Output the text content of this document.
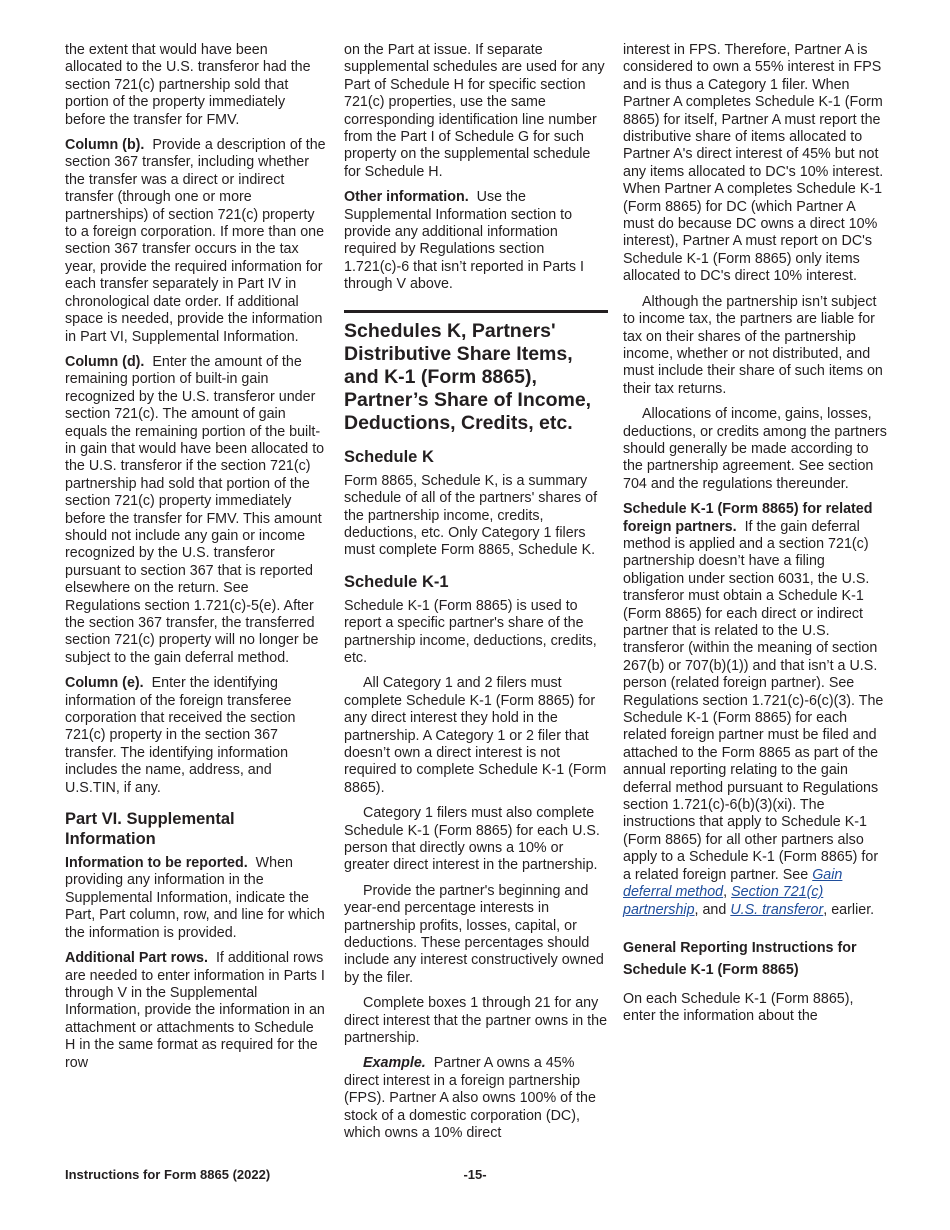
the extent that would have been allocated to the U.S. transferor had the section 721(c) partnership sold that portion of the property immediately before the transfer for FMV.

Column (b). Provide a description of the section 367 transfer, including whether the transfer was a direct or indirect transfer (through one or more partnerships) of section 721(c) property to a foreign corporation. If more than one section 367 transfer occurs in the tax year, provide the required information for each transfer separately in Part IV in chronological date order. If additional space is needed, provide the information in Part VI, Supplemental Information.

Column (d). Enter the amount of the remaining portion of built-in gain recognized by the U.S. transferor under section 721(c). The amount of gain equals the remaining portion of the built-in gain that would have been allocated to the U.S. transferor if the section 721(c) partnership had sold that portion of the section 721(c) property immediately before the transfer for FMV. This amount should not include any gain or income recognized by the U.S. transferor pursuant to section 367 that is reported elsewhere on the return. See Regulations section 1.721(c)-5(e). After the section 367 transfer, the transferred section 721(c) property will no longer be subject to the gain deferral method.

Column (e). Enter the identifying information of the foreign transferee corporation that received the section 721(c) property in the section 367 transfer. The identifying information includes the name, address, and U.S.TIN, if any.

Part VI. Supplemental Information

Information to be reported. When providing any information in the Supplemental Information, indicate the Part, Part column, row, and line for which the information is provided.

Additional Part rows. If additional rows are needed to enter information in Parts I through V in the Supplemental Information, provide the information in an attachment or attachments to Schedule H in the same format as required for the row

on the Part at issue. If separate supplemental schedules are used for any Part of Schedule H for specific section 721(c) properties, use the same corresponding identification line number from the Part I of Schedule G for such property on the supplemental schedule for Schedule H.

Other information. Use the Supplemental Information section to provide any additional information required by Regulations section 1.721(c)-6 that isn’t reported in Parts I through V above.

Schedules K, Partners' Distributive Share Items, and K-1 (Form 8865), Partner’s Share of Income, Deductions, Credits, etc.
Schedule K

Form 8865, Schedule K, is a summary schedule of all of the partners' shares of the partnership income, credits, deductions, etc. Only Category 1 filers must complete Form 8865, Schedule K.

Schedule K-1

Schedule K-1 (Form 8865) is used to report a specific partner's share of the partnership income, deductions, credits, etc.

All Category 1 and 2 filers must complete Schedule K-1 (Form 8865) for any direct interest they hold in the partnership. A Category 1 or 2 filer that doesn’t own a direct interest is not required to complete Schedule K-1 (Form 8865).

Category 1 filers must also complete Schedule K-1 (Form 8865) for each U.S. person that directly owns a 10% or greater direct interest in the partnership.

Provide the partner's beginning and year-end percentage interests in partnership profits, losses, capital, or deductions. These percentages should include any interest constructively owned by the filer.

Complete boxes 1 through 21 for any direct interest that the partner owns in the partnership.

Example. Partner A owns a 45% direct interest in a foreign partnership (FPS). Partner A also owns 100% of the stock of a domestic corporation (DC), which owns a 10% direct

interest in FPS. Therefore, Partner A is considered to own a 55% interest in FPS and is thus a Category 1 filer. When Partner A completes Schedule K-1 (Form 8865) for itself, Partner A must report the distributive share of items allocated to Partner A's direct interest of 45% but not any items allocated to DC's 10% interest. When Partner A completes Schedule K-1 (Form 8865) for DC (which Partner A must do because DC owns a direct 10% interest), Partner A must report on DC's Schedule K-1 (Form 8865) only items allocated to DC's direct 10% interest.

Although the partnership isn’t subject to income tax, the partners are liable for tax on their shares of the partnership income, whether or not distributed, and must include their share of such items on their tax returns.

Allocations of income, gains, losses, deductions, or credits among the partners should generally be made according to the partnership agreement. See section 704 and the regulations thereunder.

Schedule K-1 (Form 8865) for related foreign partners. If the gain deferral method is applied and a section 721(c) partnership doesn’t have a filing obligation under section 6031, the U.S. transferor must obtain a Schedule K-1 (Form 8865) for each direct or indirect partner that is related to the U.S. transferor (within the meaning of section 267(b) or 707(b)(1)) and that isn’t a U.S. person (related foreign partner). See Regulations section 1.721(c)-6(c)(3). The Schedule K-1 (Form 8865) for each related foreign partner must be filed and attached to the Form 8865 as part of the annual reporting relating to the gain deferral method pursuant to Regulations section 1.721(c)-6(b)(3)(xi). The instructions that apply to Schedule K-1 (Form 8865) for all other partners also apply to a Schedule K-1 (Form 8865) for a related foreign partner. See Gain deferral method, Section 721(c) partnership, and U.S. transferor, earlier.

General Reporting Instructions for Schedule K-1 (Form 8865)

On each Schedule K-1 (Form 8865), enter the information about the

Instructions for Form 8865 (2022)	-15-
